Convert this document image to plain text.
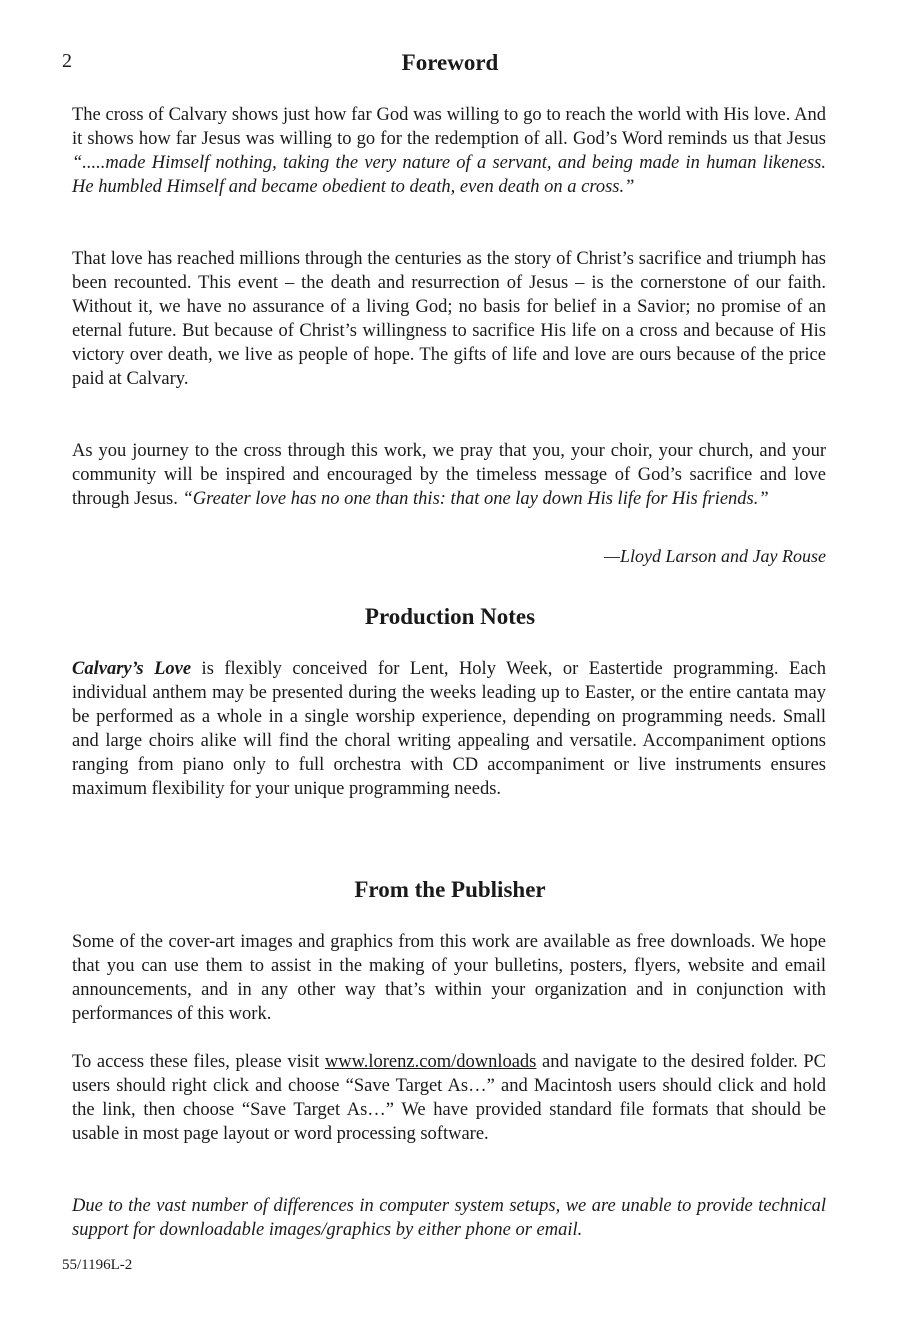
2	Foreword

The cross of Calvary shows just how far God was willing to go to reach the world with His love. And it shows how far Jesus was willing to go for the redemption of all. God’s Word reminds us that Jesus “.....made Himself nothing, taking the very nature of a servant, and being made in human likeness. He humbled Himself and became obedient to death, even death on a cross.”

That love has reached millions through the centuries as the story of Christ’s sacrifice and triumph has been recounted. This event – the death and resurrection of Jesus – is the cornerstone of our faith. Without it, we have no assurance of a living God; no basis for belief in a Savior; no promise of an eternal future. But because of Christ’s willingness to sacrifice His life on a cross and because of His victory over death, we live as people of hope. The gifts of life and love are ours because of the price paid at Calvary.

As you journey to the cross through this work, we pray that you, your choir, your church, and your community will be inspired and encouraged by the timeless message of God’s sacrifice and love through Jesus. “Greater love has no one than this: that one lay down His life for His friends.”

—Lloyd Larson and Jay Rouse
Production Notes

Calvary’s Love is flexibly conceived for Lent, Holy Week, or Eastertide programming. Each individual anthem may be presented during the weeks leading up to Easter, or the entire cantata may be performed as a whole in a single worship experience, depending on programming needs. Small and large choirs alike will find the choral writing appealing and versatile. Accompaniment options ranging from piano only to full orchestra with CD accompaniment or live instruments ensures maximum flexibility for your unique programming needs.

From the Publisher

Some of the cover-art images and graphics from this work are available as free downloads. We hope that you can use them to assist in the making of your bulletins, posters, flyers, website and email announcements, and in any other way that’s within your organization and in conjunction with performances of this work.

To access these files, please visit www.lorenz.com/downloads and navigate to the desired folder. PC users should right click and choose “Save Target As…” and Macintosh users should click and hold the link, then choose “Save Target As…” We have provided standard file formats that should be usable in most page layout or word processing software.

Due to the vast number of differences in computer system setups, we are unable to provide technical support for downloadable images/graphics by either phone or email.

55/1196L-2
